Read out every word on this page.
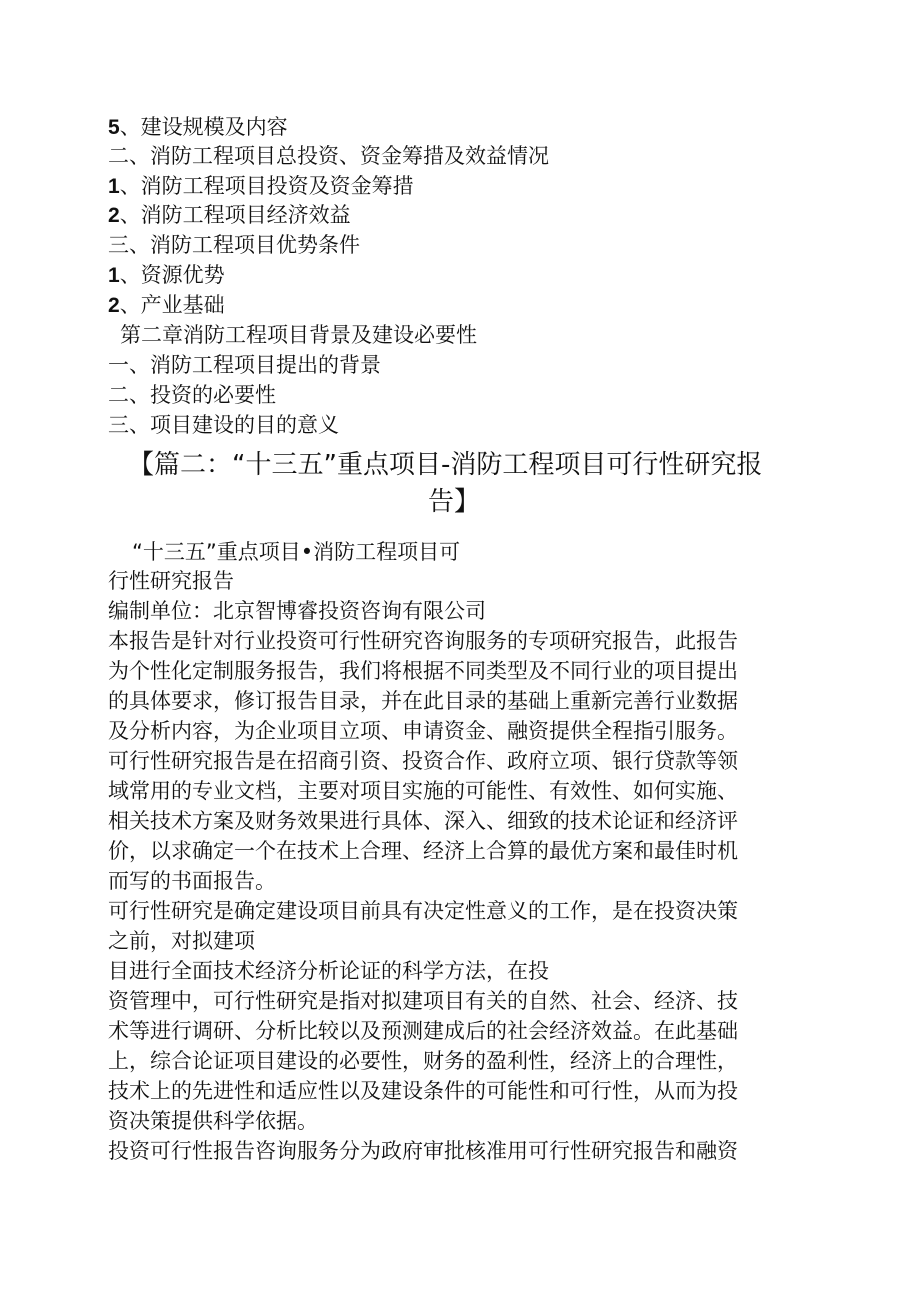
5、建设规模及内容
二、消防工程项目总投资、资金筹措及效益情况
1、消防工程项目投资及资金筹措
2、消防工程项目经济效益
三、消防工程项目优势条件
1、资源优势
2、产业基础
第二章消防工程项目背景及建设必要性
一、消防工程项目提出的背景
二、投资的必要性
三、项目建设的目的意义
【篇二：“十三五”重点项目-消防工程项目可行性研究报
告】
“十三五”重点项目•消防工程项目可
行性研究报告
编制单位：北京智博睿投资咨询有限公司
本报告是针对行业投资可行性研究咨询服务的专项研究报告，此报告
为个性化定制服务报告，我们将根据不同类型及不同行业的项目提出
的具体要求，修订报告目录，并在此目录的基础上重新完善行业数据
及分析内容，为企业项目立项、申请资金、融资提供全程指引服务。
可行性研究报告是在招商引资、投资合作、政府立项、银行贷款等领
域常用的专业文档，主要对项目实施的可能性、有效性、如何实施、
相关技术方案及财务效果进行具体、深入、细致的技术论证和经济评
价，以求确定一个在技术上合理、经济上合算的最优方案和最佳时机
而写的书面报告。
可行性研究是确定建设项目前具有决定性意义的工作，是在投资决策
之前，对拟建项
目进行全面技术经济分析论证的科学方法，在投
资管理中，可行性研究是指对拟建项目有关的自然、社会、经济、技
术等进行调研、分析比较以及预测建成后的社会经济效益。在此基础
上，综合论证项目建设的必要性，财务的盈利性，经济上的合理性，
技术上的先进性和适应性以及建设条件的可能性和可行性，从而为投
资决策提供科学依据。
投资可行性报告咨询服务分为政府审批核准用可行性研究报告和融资
